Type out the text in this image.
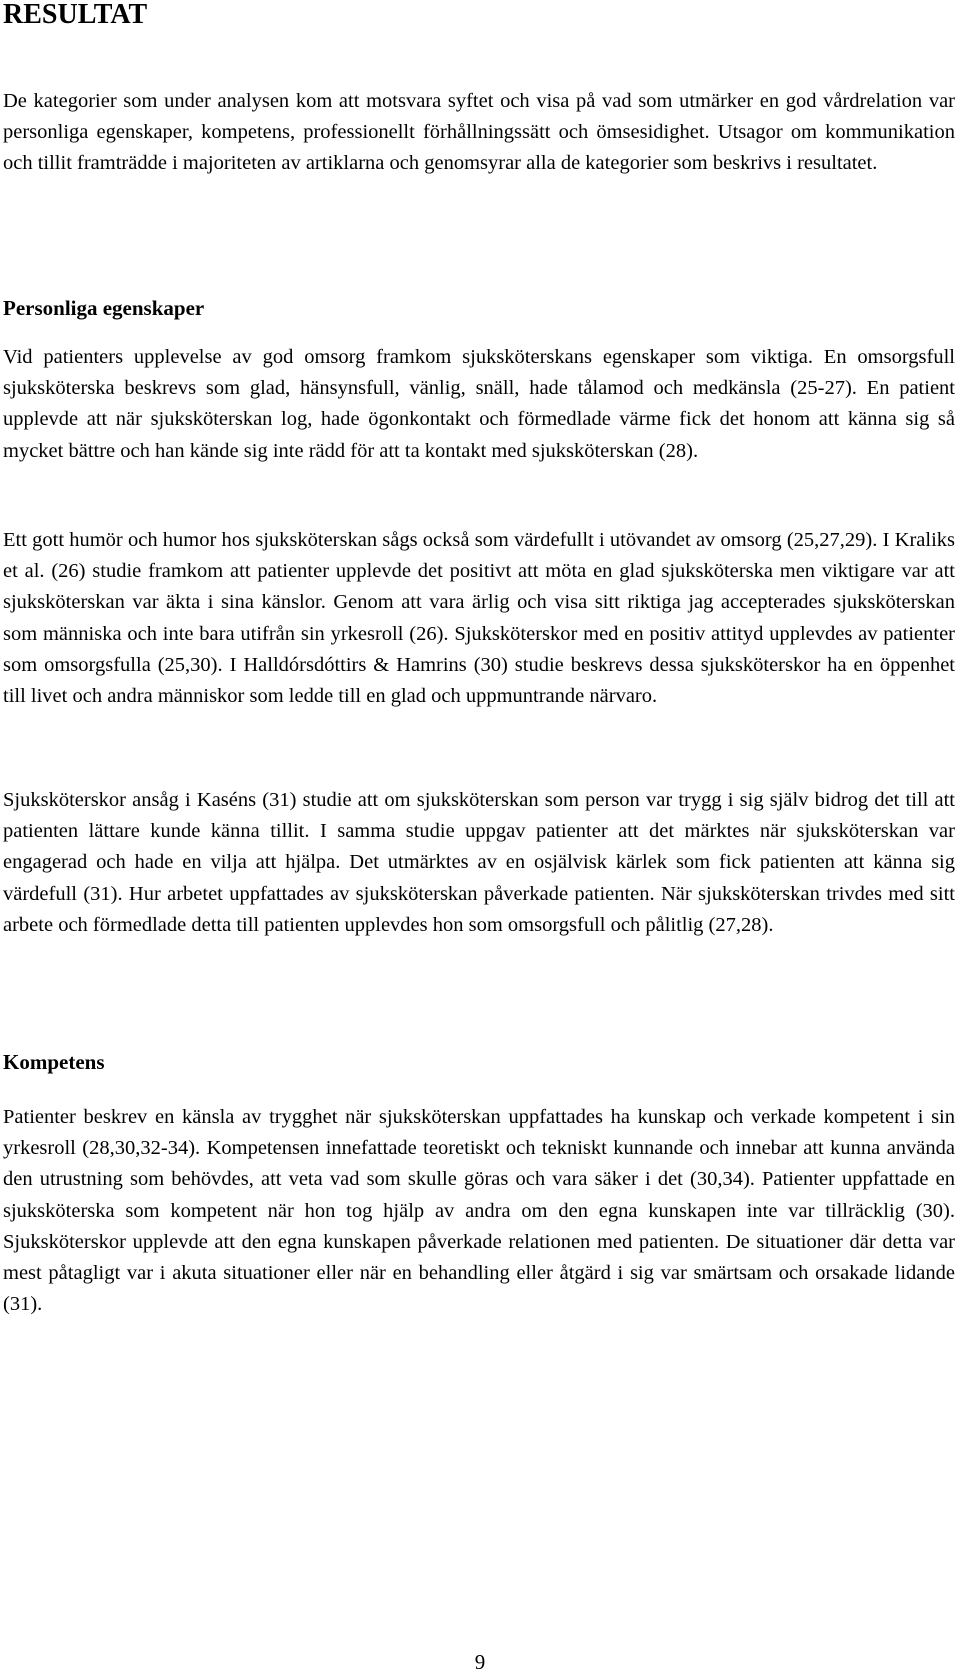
RESULTAT

De kategorier som under analysen kom att motsvara syftet och visa på vad som utmärker en god vårdrelation var personliga egenskaper, kompetens, professionellt förhållningssätt och ömsesidighet. Utsagor om kommunikation och tillit framträdde i majoriteten av artiklarna och genomsyrar alla de kategorier som beskrivs i resultatet.

Personliga egenskaper

Vid patienters upplevelse av god omsorg framkom sjuksköterskans egenskaper som viktiga. En omsorgsfull sjuksköterska beskrevs som glad, hänsynsfull, vänlig, snäll, hade tålamod och medkänsla (25-27). En patient upplevde att när sjuksköterskan log, hade ögonkontakt och förmedlade värme fick det honom att känna sig så mycket bättre och han kände sig inte rädd för att ta kontakt med sjuksköterskan (28).

Ett gott humör och humor hos sjuksköterskan sågs också som värdefullt i utövandet av omsorg (25,27,29). I Kraliks et al. (26) studie framkom att patienter upplevde det positivt att möta en glad sjuksköterska men viktigare var att sjuksköterskan var äkta i sina känslor. Genom att vara ärlig och visa sitt riktiga jag accepterades sjuksköterskan som människa och inte bara utifrån sin yrkesroll (26). Sjuksköterskor med en positiv attityd upplevdes av patienter som omsorgsfulla (25,30). I Halldórsdóttirs & Hamrins (30) studie beskrevs dessa sjuksköterskor ha en öppenhet till livet och andra människor som ledde till en glad och uppmuntrande närvaro.

Sjuksköterskor ansåg i Kaséns (31) studie att om sjuksköterskan som person var trygg i sig själv bidrog det till att patienten lättare kunde känna tillit. I samma studie uppgav patienter att det märktes när sjuksköterskan var engagerad och hade en vilja att hjälpa. Det utmärktes av en osjälvisk kärlek som fick patienten att känna sig värdefull (31). Hur arbetet uppfattades av sjuksköterskan påverkade patienten. När sjuksköterskan trivdes med sitt arbete och förmedlade detta till patienten upplevdes hon som omsorgsfull och pålitlig (27,28).

Kompetens

Patienter beskrev en känsla av trygghet när sjuksköterskan uppfattades ha kunskap och verkade kompetent i sin yrkesroll (28,30,32-34). Kompetensen innefattade teoretiskt och tekniskt kunnande och innebar att kunna använda den utrustning som behövdes, att veta vad som skulle göras och vara säker i det (30,34). Patienter uppfattade en sjuksköterska som kompetent när hon tog hjälp av andra om den egna kunskapen inte var tillräcklig (30). Sjuksköterskor upplevde att den egna kunskapen påverkade relationen med patienten. De situationer där detta var mest påtagligt var i akuta situationer eller när en behandling eller åtgärd i sig var smärtsam och orsakade lidande (31).

9
